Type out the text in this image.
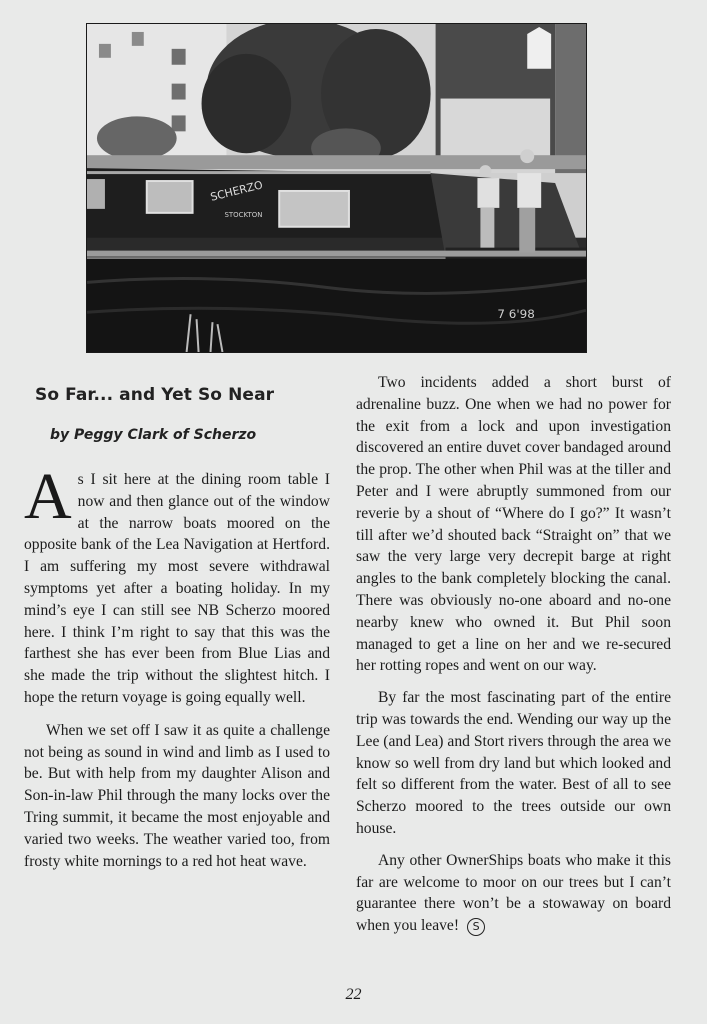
SCHERZO
STOCKTON
7 6'98
So Far... and Yet So Near
by Peggy Clark of Scherzo

As I sit here at the dining room table I now and then glance out of the window at the narrow boats moored on the opposite bank of the Lea Navigation at Hertford. I am suffering my most severe withdrawal symptoms yet after a boating holiday. In my mind’s eye I can still see NB Scherzo moored here. I think I’m right to say that this was the farthest she has ever been from Blue Lias and she made the trip without the slightest hitch. I hope the return voyage is going equally well.

When we set off I saw it as quite a challenge not being as sound in wind and limb as I used to be. But with help from my daughter Alison and Son-in-law Phil through the many locks over the Tring summit, it became the most enjoyable and varied two weeks. The weather varied too, from frosty white mornings to a red hot heat wave.

Two incidents added a short burst of adrenaline buzz. One when we had no power for the exit from a lock and upon investigation discovered an entire duvet cover bandaged around the prop. The other when Phil was at the tiller and Peter and I were abruptly summoned from our reverie by a shout of “Where do I go?” It wasn’t till after we’d shouted back “Straight on” that we saw the very large very decrepit barge at right angles to the bank completely blocking the canal. There was obviously no-one aboard and no-one nearby knew who owned it. But Phil soon managed to get a line on her and we re-secured her rotting ropes and went on our way.

By far the most fascinating part of the entire trip was towards the end. Wending our way up the Lee (and Lea) and Stort rivers through the area we know so well from dry land but which looked and felt so different from the water. Best of all to see Scherzo moored to the trees outside our own house.

Any other OwnerShips boats who make it this far are welcome to moor on our trees but I can’t guarantee there won’t be a stowaway on board when you leave! S

22
